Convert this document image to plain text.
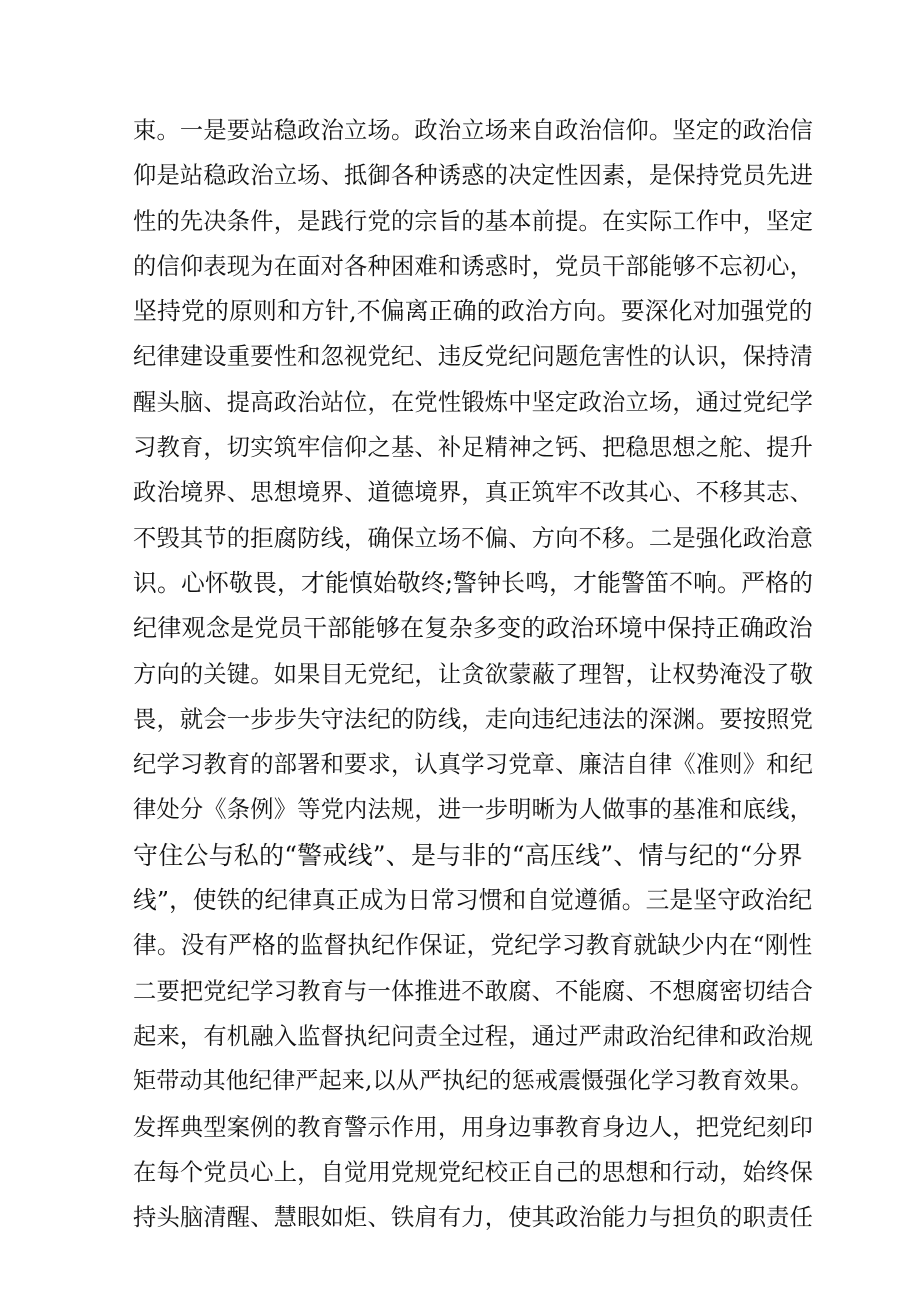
束。一是要站稳政治立场。政治立场来自政治信仰。坚定的政治信
仰是站稳政治立场、抵御各种诱惑的决定性因素，是保持党员先进
性的先决条件，是践行党的宗旨的基本前提。在实际工作中，坚定
的信仰表现为在面对各种困难和诱惑时，党员干部能够不忘初心，
坚持党的原则和方针,不偏离正确的政治方向。要深化对加强党的
纪律建设重要性和忽视党纪、违反党纪问题危害性的认识，保持清
醒头脑、提高政治站位，在党性锻炼中坚定政治立场，通过党纪学
习教育，切实筑牢信仰之基、补足精神之钙、把稳思想之舵、提升
政治境界、思想境界、道德境界，真正筑牢不改其心、不移其志、
不毁其节的拒腐防线，确保立场不偏、方向不移。二是强化政治意
识。心怀敬畏，才能慎始敬终;警钟长鸣，才能警笛不响。严格的
纪律观念是党员干部能够在复杂多变的政治环境中保持正确政治
方向的关键。如果目无党纪，让贪欲蒙蔽了理智，让权势淹没了敬
畏，就会一步步失守法纪的防线，走向违纪违法的深渊。要按照党
纪学习教育的部署和要求，认真学习党章、廉洁自律《准则》和纪
律处分《条例》等党内法规，进一步明晰为人做事的基准和底线，
守住公与私的“警戒线”、是与非的“高压线”、情与纪的“分界
线”，使铁的纪律真正成为日常习惯和自觉遵循。三是坚守政治纪
律。没有严格的监督执纪作保证，党纪学习教育就缺少内在“刚性
二要把党纪学习教育与一体推进不敢腐、不能腐、不想腐密切结合
起来，有机融入监督执纪问责全过程，通过严肃政治纪律和政治规
矩带动其他纪律严起来,以从严执纪的惩戒震慑强化学习教育效果。
发挥典型案例的教育警示作用，用身边事教育身边人，把党纪刻印
在每个党员心上，自觉用党规党纪校正自己的思想和行动，始终保
持头脑清醒、慧眼如炬、铁肩有力，使其政治能力与担负的职责任
